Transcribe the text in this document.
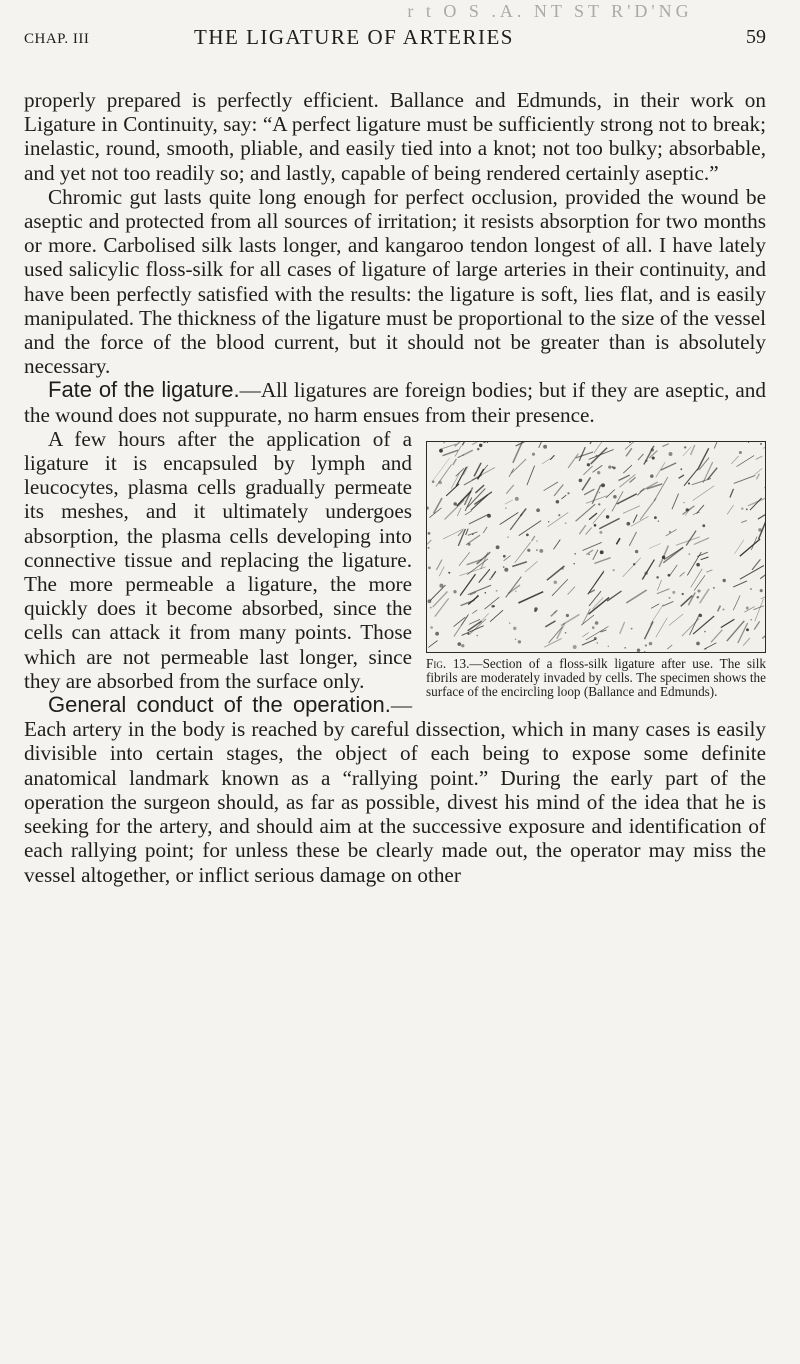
r t O S .A. NT ST R'D'NG
CHAP. III	THE LIGATURE OF ARTERIES	59

properly prepared is perfectly efficient. Ballance and Edmunds, in their work on Ligature in Continuity, say: “A perfect ligature must be sufficiently strong not to break; inelastic, round, smooth, pliable, and easily tied into a knot; not too bulky; absorbable, and yet not too readily so; and lastly, capable of being rendered certainly aseptic.”

Chromic gut lasts quite long enough for perfect occlusion, provided the wound be aseptic and protected from all sources of irritation; it resists absorption for two months or more. Carbolised silk lasts longer, and kangaroo tendon longest of all. I have lately used salicylic floss-silk for all cases of ligature of large arteries in their continuity, and have been perfectly satisfied with the results: the ligature is soft, lies flat, and is easily manipulated. The thickness of the ligature must be proportional to the size of the vessel and the force of the blood current, but it should not be greater than is absolutely necessary.

Fate of the ligature.—All ligatures are foreign bodies; but if they are aseptic, and the wound does not suppurate, no harm ensues from their presence.

Fig. 13.—Section of a floss-silk ligature after use. The silk fibrils are moderately invaded by cells. The specimen shows the surface of the encircling loop (Ballance and Edmunds).

A few hours after the application of a ligature it is encapsuled by lymph and leucocytes, plasma cells gradually permeate its meshes, and it ultimately undergoes absorption, the plasma cells developing into connective tissue and replacing the ligature. The more permeable a ligature, the more quickly does it become absorbed, since the cells can attack it from many points. Those which are not permeable last longer, since they are absorbed from the surface only.

General conduct of the operation.—Each artery in the body is reached by careful dissection, which in many cases is easily divisible into certain stages, the object of each being to expose some definite anatomical landmark known as a “rallying point.” During the early part of the operation the surgeon should, as far as possible, divest his mind of the idea that he is seeking for the artery, and should aim at the successive exposure and identification of each rallying point; for unless these be clearly made out, the operator may miss the vessel altogether, or inflict serious damage on other
